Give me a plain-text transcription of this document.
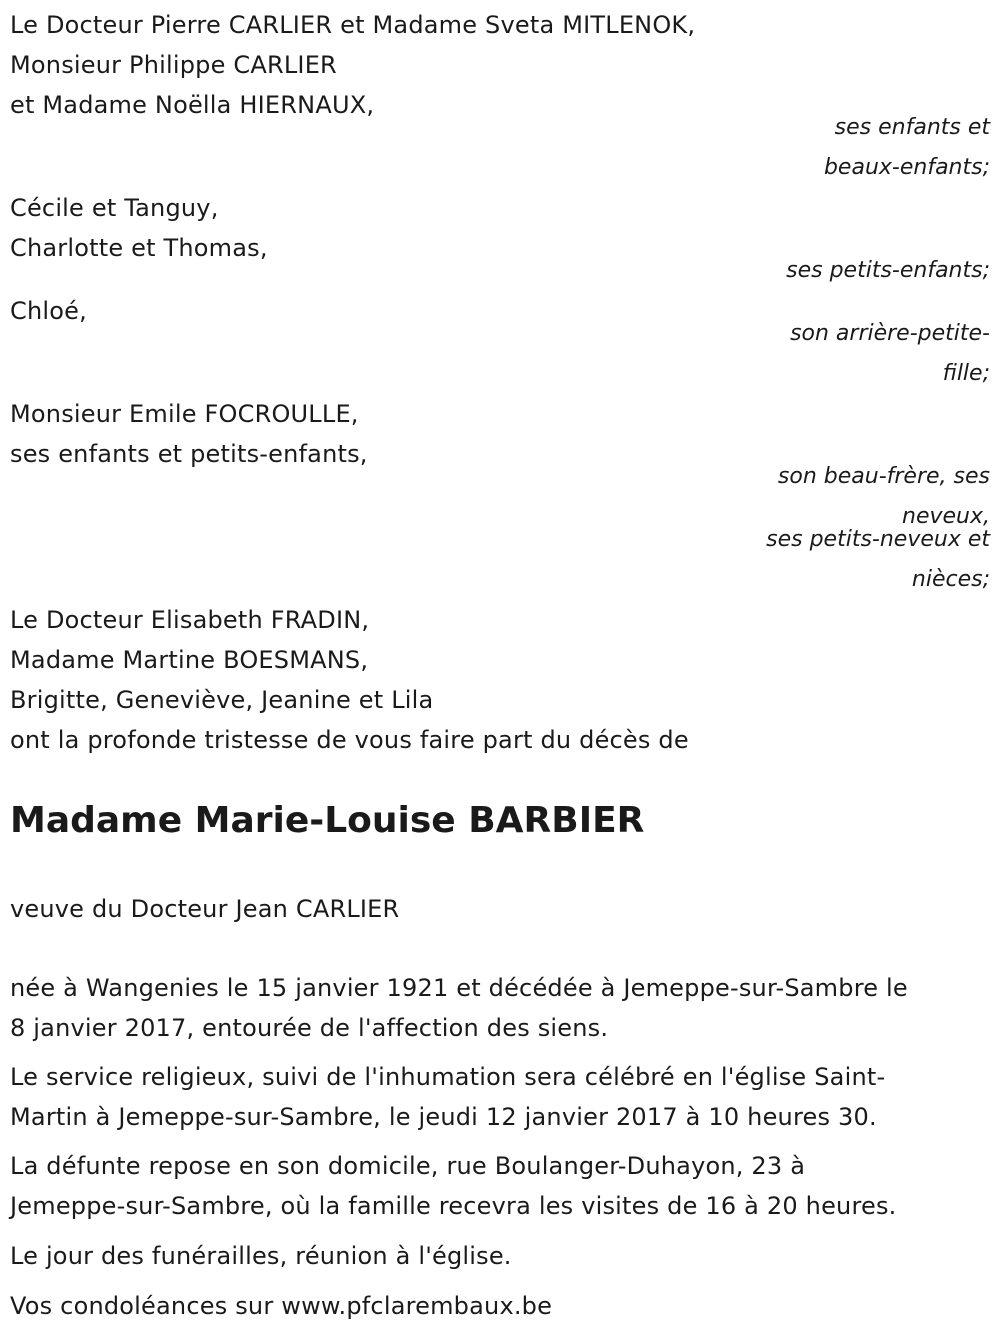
Le Docteur Pierre CARLIER et Madame Sveta MITLENOK,
Monsieur Philippe CARLIER
et Madame Noëlla HIERNAUX,
ses enfants et
beaux-enfants;
Cécile et Tanguy,
Charlotte et Thomas,
ses petits-enfants;
Chloé,
son arrière-petite-
fille;
Monsieur Emile FOCROULLE,
ses enfants et petits-enfants,
son beau-frère, ses
neveux,
ses petits-neveux et
nièces;
Le Docteur Elisabeth FRADIN,
Madame Martine BOESMANS,
Brigitte, Geneviève, Jeanine et Lila
ont la profonde tristesse de vous faire part du décès de
Madame Marie-Louise BARBIER
veuve du Docteur Jean CARLIER
née à Wangenies le 15 janvier 1921 et décédée à Jemeppe-sur-Sambre le
8 janvier 2017, entourée de l'affection des siens.
Le service religieux, suivi de l'inhumation sera célébré en l'église Saint-
Martin à Jemeppe-sur-Sambre, le jeudi 12 janvier 2017 à 10 heures 30.
La défunte repose en son domicile, rue Boulanger-Duhayon, 23 à
Jemeppe-sur-Sambre, où la famille recevra les visites de 16 à 20 heures.
Le jour des funérailles, réunion à l'église.
Vos condoléances sur www.pfclarembaux.be
